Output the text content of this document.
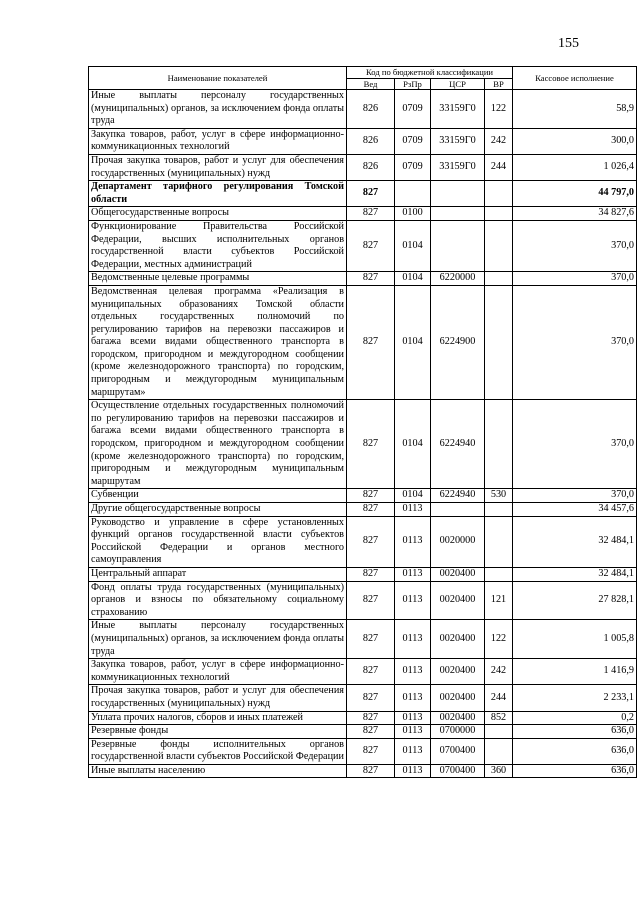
155
Наименование показателей	Код по бюджетной классификации				Кассовое исполнение
	Вед	РзПр	ЦСР	ВР	
Иные выплаты персоналу государственных (муниципальных) органов, за исключением фонда оплаты труда	826	0709	33159Г0	122	58,9
Закупка товаров, работ, услуг в сфере информационно-коммуникационных технологий	826	0709	33159Г0	242	300,0
Прочая закупка товаров, работ и услуг для обеспечения государственных (муниципальных) нужд	826	0709	33159Г0	244	1 026,4
Департамент тарифного регулирования Томской области	827				44 797,0
Общегосударственные вопросы	827	0100			34 827,6
Функционирование Правительства Российской Федерации, высших исполнительных органов государственной власти субъектов Российской Федерации, местных администраций	827	0104			370,0
Ведомственные целевые программы	827	0104	6220000		370,0
Ведомственная целевая программа «Реализация в муниципальных образованиях Томской области отдельных государственных полномочий по регулированию тарифов на перевозки пассажиров и багажа всеми видами общественного транспорта в городском, пригородном и междугородном сообщении (кроме железнодорожного транспорта) по городским, пригородным и междугородным муниципальным маршрутам»	827	0104	6224900		370,0
Осуществление отдельных государственных полномочий по регулированию тарифов на перевозки пассажиров и багажа всеми видами общественного транспорта в городском, пригородном и междугородном сообщении (кроме железнодорожного транспорта) по городским, пригородным и междугородным муниципальным маршрутам	827	0104	6224940		370,0
Субвенции	827	0104	6224940	530	370,0
Другие общегосударственные вопросы	827	0113			34 457,6
Руководство и управление в сфере установленных функций органов государственной власти субъектов Российской Федерации и органов местного самоуправления	827	0113	0020000		32 484,1
Центральный аппарат	827	0113	0020400		32 484,1
Фонд оплаты труда государственных (муниципальных) органов и взносы по обязательному социальному страхованию	827	0113	0020400	121	27 828,1
Иные выплаты персоналу государственных (муниципальных) органов, за исключением фонда оплаты труда	827	0113	0020400	122	1 005,8
Закупка товаров, работ, услуг в сфере информационно-коммуникационных технологий	827	0113	0020400	242	1 416,9
Прочая закупка товаров, работ и услуг для обеспечения государственных (муниципальных) нужд	827	0113	0020400	244	2 233,1
Уплата прочих налогов, сборов и иных платежей	827	0113	0020400	852	0,2
Резервные фонды	827	0113	0700000		636,0
Резервные фонды исполнительных органов государственной власти субъектов Российской Федерации	827	0113	0700400		636,0
Иные выплаты населению	827	0113	0700400	360	636,0
